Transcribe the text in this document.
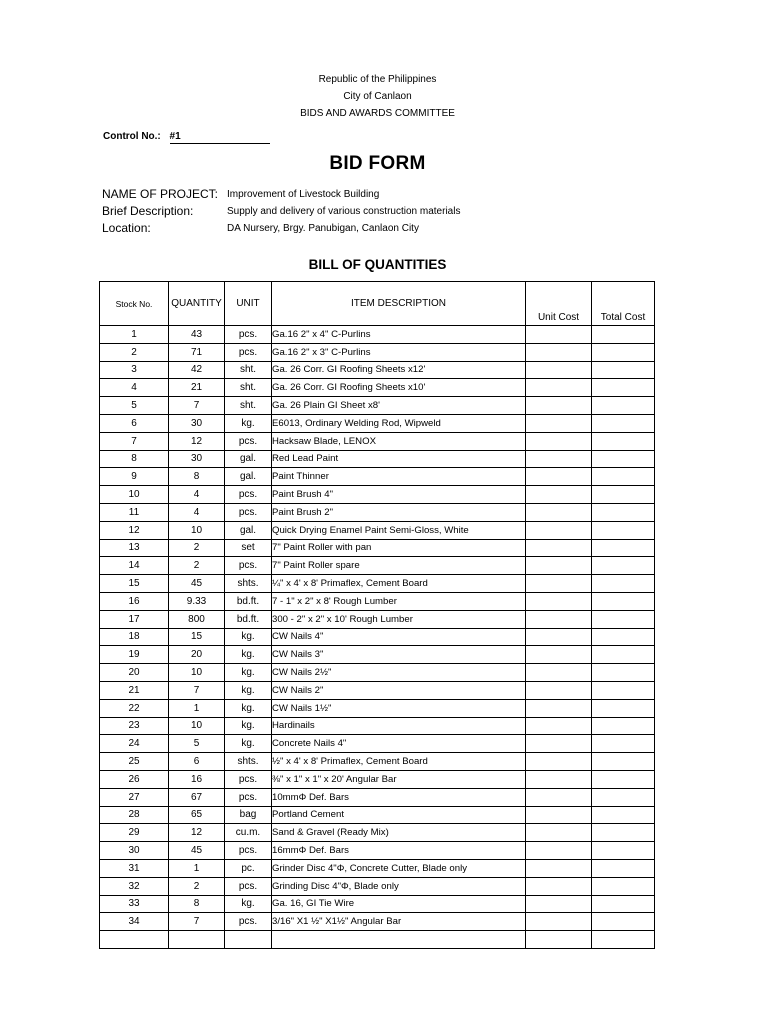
Republic of the Philippines
City of Canlaon
BIDS AND AWARDS COMMITTEE
Control No.: #1
BID FORM
NAME OF PROJECT: Improvement of Livestock Building
Brief Description:	Supply and delivery of various construction materials
Location:	DA Nursery, Brgy. Panubigan, Canlaon City
BILL OF QUANTITIES
Stock No.	QUANTITY	UNIT	ITEM DESCRIPTION	Unit Cost	Total Cost
1	43	pcs.	Ga.16 2" x 4" C-Purlins		
2	71	pcs.	Ga.16 2" x 3" C-Purlins		
3	42	sht.	Ga. 26 Corr. GI Roofing Sheets x12'		
4	21	sht.	Ga. 26 Corr. GI Roofing Sheets x10'		
5	7	sht.	Ga. 26 Plain GI Sheet x8'		
6	30	kg.	E6013, Ordinary Welding Rod, Wipweld		
7	12	pcs.	Hacksaw Blade, LENOX		
8	30	gal.	Red Lead Paint		
9	8	gal.	Paint Thinner		
10	4	pcs.	Paint Brush 4"		
11	4	pcs.	Paint Brush 2"		
12	10	gal.	Quick Drying Enamel Paint Semi-Gloss, White		
13	2	set	7" Paint Roller with pan		
14	2	pcs.	7" Paint Roller spare		
15	45	shts.	¼" x 4' x 8' Primaflex, Cement Board		
16	9.33	bd.ft.	7 - 1" x 2" x 8' Rough Lumber		
17	800	bd.ft.	300 - 2" x 2" x 10' Rough Lumber		
18	15	kg.	CW Nails 4"		
19	20	kg.	CW Nails 3"		
20	10	kg.	CW Nails 2½"		
21	7	kg.	CW Nails 2"		
22	1	kg.	CW Nails 1½"		
23	10	kg.	Hardinails		
24	5	kg.	Concrete Nails 4"		
25	6	shts.	½" x 4' x 8' Primaflex, Cement Board		
26	16	pcs.	⅜" x 1" x 1" x 20' Angular Bar		
27	67	pcs.	10mmΦ Def. Bars		
28	65	bag	Portland Cement		
29	12	cu.m.	Sand & Gravel (Ready Mix)		
30	45	pcs.	16mmΦ Def. Bars		
31	1	pc.	Grinder Disc 4"Φ, Concrete Cutter, Blade only		
32	2	pcs.	Grinding Disc 4"Φ, Blade only		
33	8	kg.	Ga. 16, GI Tie Wire		
34	7	pcs.	3/16" X1 ½" X1½" Angular Bar		
